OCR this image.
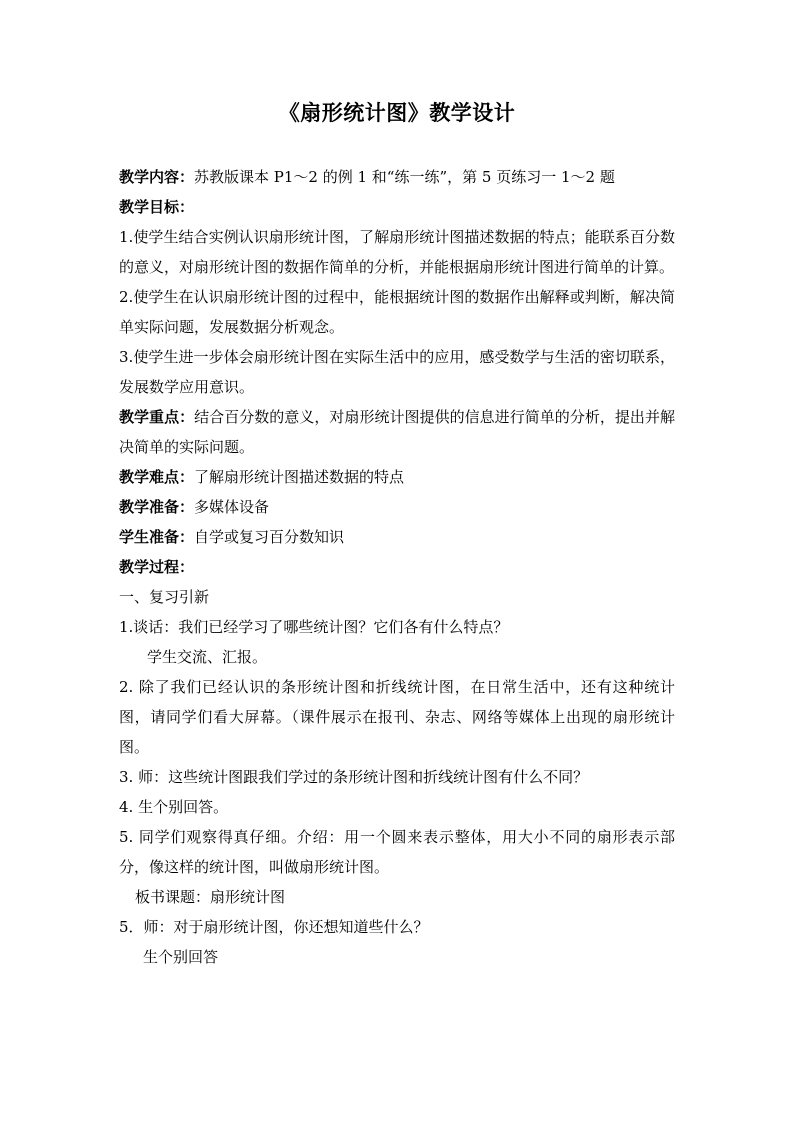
《扇形统计图》教学设计

教学内容：苏教版课本 P1～2 的例 1 和“练一练”，第 5 页练习一 1～2 题

教学目标：

1.使学生结合实例认识扇形统计图，了解扇形统计图描述数据的特点；能联系百分数的意义，对扇形统计图的数据作简单的分析，并能根据扇形统计图进行简单的计算。

2.使学生在认识扇形统计图的过程中，能根据统计图的数据作出解释或判断，解决简单实际问题，发展数据分析观念。

3.使学生进一步体会扇形统计图在实际生活中的应用，感受数学与生活的密切联系，发展数学应用意识。

教学重点：结合百分数的意义，对扇形统计图提供的信息进行简单的分析，提出并解决简单的实际问题。

教学难点：了解扇形统计图描述数据的特点

教学准备：多媒体设备

学生准备：自学或复习百分数知识

教学过程：

一、复习引新

1.谈话：我们已经学习了哪些统计图？它们各有什么特点？

学生交流、汇报。

2. 除了我们已经认识的条形统计图和折线统计图，在日常生活中，还有这种统计图，请同学们看大屏幕。（课件展示在报刊、杂志、网络等媒体上出现的扇形统计图。

3. 师：这些统计图跟我们学过的条形统计图和折线统计图有什么不同？

4. 生个别回答。

5. 同学们观察得真仔细。介绍：用一个圆来表示整体，用大小不同的扇形表示部分，像这样的统计图，叫做扇形统计图。

板书课题：扇形统计图

5．师：对于扇形统计图，你还想知道些什么？

生个别回答
